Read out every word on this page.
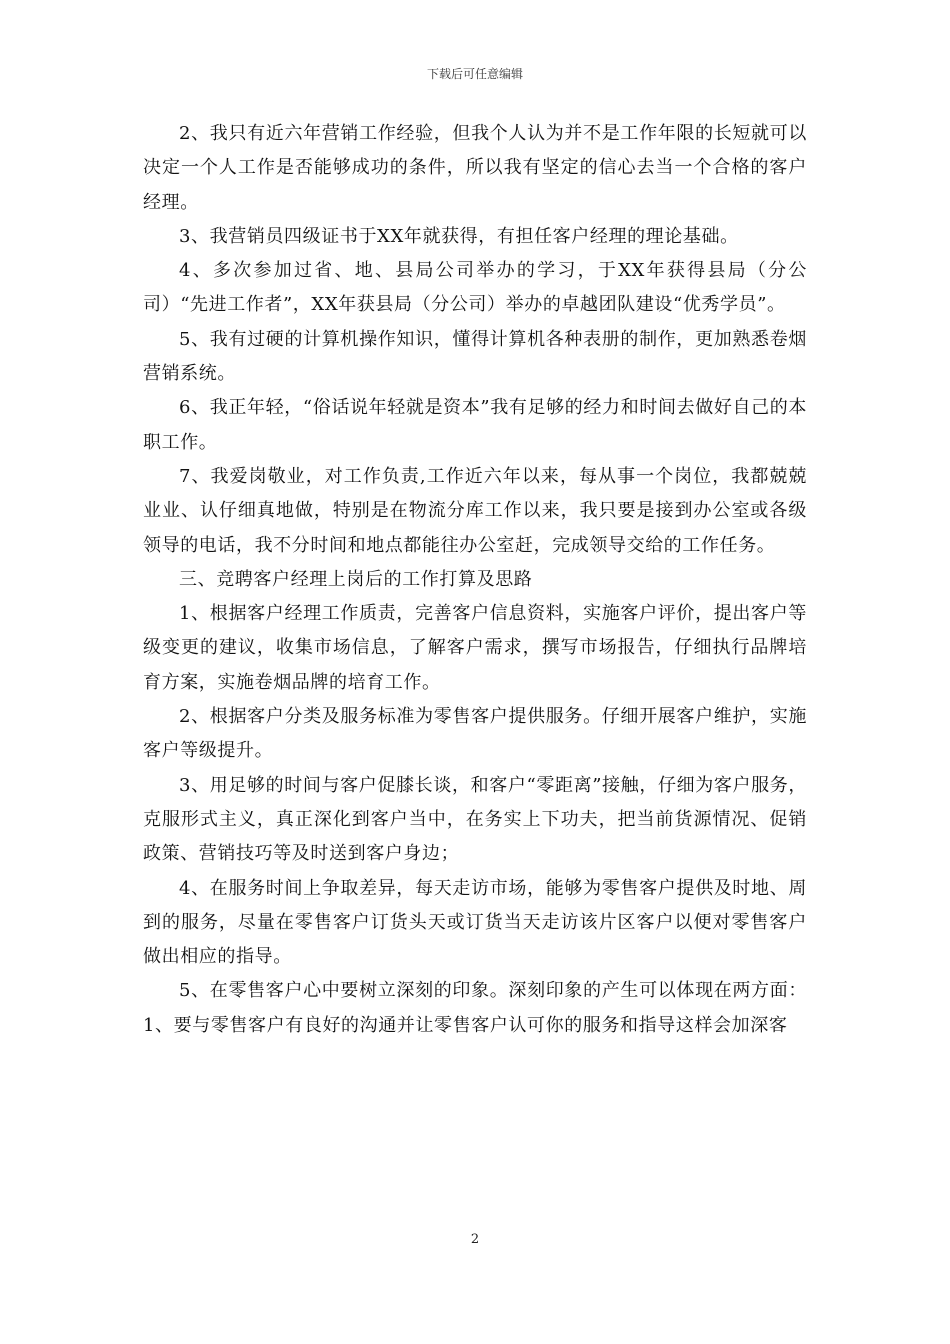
下载后可任意编辑

2、我只有近六年营销工作经验，但我个人认为并不是工作年限的长短就可以决定一个人工作是否能够成功的条件，所以我有坚定的信心去当一个合格的客户经理。

3、我营销员四级证书于XX年就获得，有担任客户经理的理论基础。

4、多次参加过省、地、县局公司举办的学习，于XX年获得县局（分公司）“先进工作者”，XX年获县局（分公司）举办的卓越团队建设“优秀学员”。

5、我有过硬的计算机操作知识，懂得计算机各种表册的制作，更加熟悉卷烟营销系统。

6、我正年轻，“俗话说年轻就是资本”我有足够的经力和时间去做好自己的本职工作。

7、我爱岗敬业，对工作负责,工作近六年以来，每从事一个岗位，我都兢兢业业、认仔细真地做，特别是在物流分库工作以来，我只要是接到办公室或各级领导的电话，我不分时间和地点都能往办公室赶，完成领导交给的工作任务。

三、竞聘客户经理上岗后的工作打算及思路

1、根据客户经理工作质责，完善客户信息资料，实施客户评价，提出客户等级变更的建议，收集市场信息，了解客户需求，撰写市场报告，仔细执行品牌培育方案，实施卷烟品牌的培育工作。

2、根据客户分类及服务标准为零售客户提供服务。仔细开展客户维护，实施客户等级提升。

3、用足够的时间与客户促膝长谈，和客户“零距离”接触，仔细为客户服务，克服形式主义，真正深化到客户当中，在务实上下功夫，把当前货源情况、促销政策、营销技巧等及时送到客户身边；

4、在服务时间上争取差异，每天走访市场，能够为零售客户提供及时地、周到的服务，尽量在零售客户订货头天或订货当天走访该片区客户以便对零售客户做出相应的指导。

5、在零售客户心中要树立深刻的印象。深刻印象的产生可以体现在两方面：1、要与零售客户有良好的沟通并让零售客户认可你的服务和指导这样会加深客

2
